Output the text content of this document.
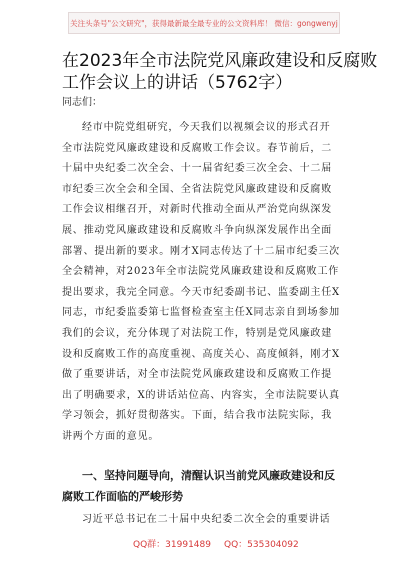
关注头条号"公文研究"，获得最新最全最专业的公文资料库！ 微信：gongwenyj
在2023年全市法院党风廉政建设和反腐败
工作会议上的讲话（5762字）
同志们：
经市中院党组研究，今天我们以视频会议的形式召开
全市法院党风廉政建设和反腐败工作会议。春节前后，二
十届中央纪委二次全会、十一届省纪委三次全会、十二届
市纪委三次全会和全国、全省法院党风廉政建设和反腐败
工作会议相继召开，对新时代推动全面从严治党向纵深发
展、推动党风廉政建设和反腐败斗争向纵深发展作出全面
部署、提出新的要求。刚才X同志传达了十二届市纪委三次
全会精神，对2023年全市法院党风廉政建设和反腐败工作
提出要求，我完全同意。今天市纪委副书记、监委副主任X
同志，市纪委监委第七监督检查室主任X同志亲自到场参加
我们的会议，充分体现了对法院工作，特别是党风廉政建
设和反腐败工作的高度重视、高度关心、高度倾斜，刚才X
做了重要讲话，对全市法院党风廉政建设和反腐败工作提
出了明确要求，X的讲话站位高、内容实，全市法院要认真
学习领会，抓好贯彻落实。下面，结合我市法院实际，我
讲两个方面的意见。
一、坚持问题导向，清醒认识当前党风廉政建设和反
腐败工作面临的严峻形势
习近平总书记在二十届中央纪委二次全会的重要讲话
QQ群：31991489 QQ：535304092
